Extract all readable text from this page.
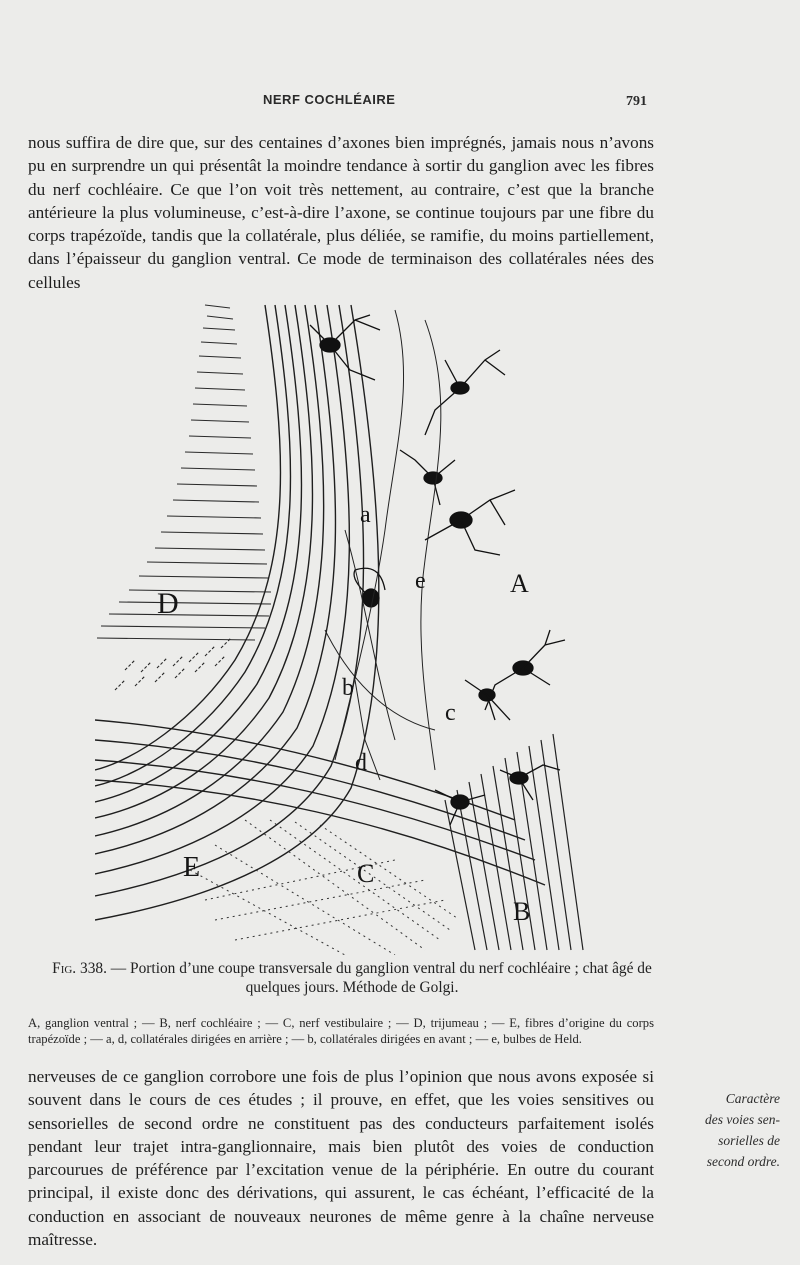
NERF COCHLÉAIRE	791

nous suffira de dire que, sur des centaines d’axones bien imprégnés, jamais nous n’avons pu en surprendre un qui présentât la moindre tendance à sortir du ganglion avec les fibres du nerf cochléaire. Ce que l’on voit très nettement, au contraire, c’est que la branche antérieure la plus volumineuse, c’est-à-dire l’axone, se continue toujours par une fibre du corps trapézoïde, tandis que la collatérale, plus déliée, se ramifie, du moins partiellement, dans l’épaisseur du ganglion ventral. Ce mode de terminaison des collatérales nées des cellules

A
B
C
D
E
a
b
c
d
e
Fig. 338. — Portion d’une coupe transversale du ganglion ventral du nerf cochléaire ; chat âgé de quelques jours. Méthode de Golgi.

A, ganglion ventral ; — B, nerf cochléaire ; — C, nerf vestibulaire ; — D, trijumeau ; — E, fibres d’origine du corps trapézoïde ; — a, d, collatérales dirigées en arrière ; — b, collatérales dirigées en avant ; — e, bulbes de Held.

nerveuses de ce ganglion corrobore une fois de plus l’opinion que nous avons exposée si souvent dans le cours de ces études ; il prouve, en effet, que les voies sensitives ou sensorielles de second ordre ne constituent pas des conducteurs parfaitement isolés pendant leur trajet intra-ganglionnaire, mais bien plutôt des voies de conduction parcourues de préférence par l’excitation venue de la périphérie. En outre du courant principal, il existe donc des dérivations, qui assurent, le cas échéant, l’efficacité de la conduction en associant de nouveaux neurones de même genre à la chaîne nerveuse maîtresse.

Caractère
des voies sen-
sorielles de
second ordre.
